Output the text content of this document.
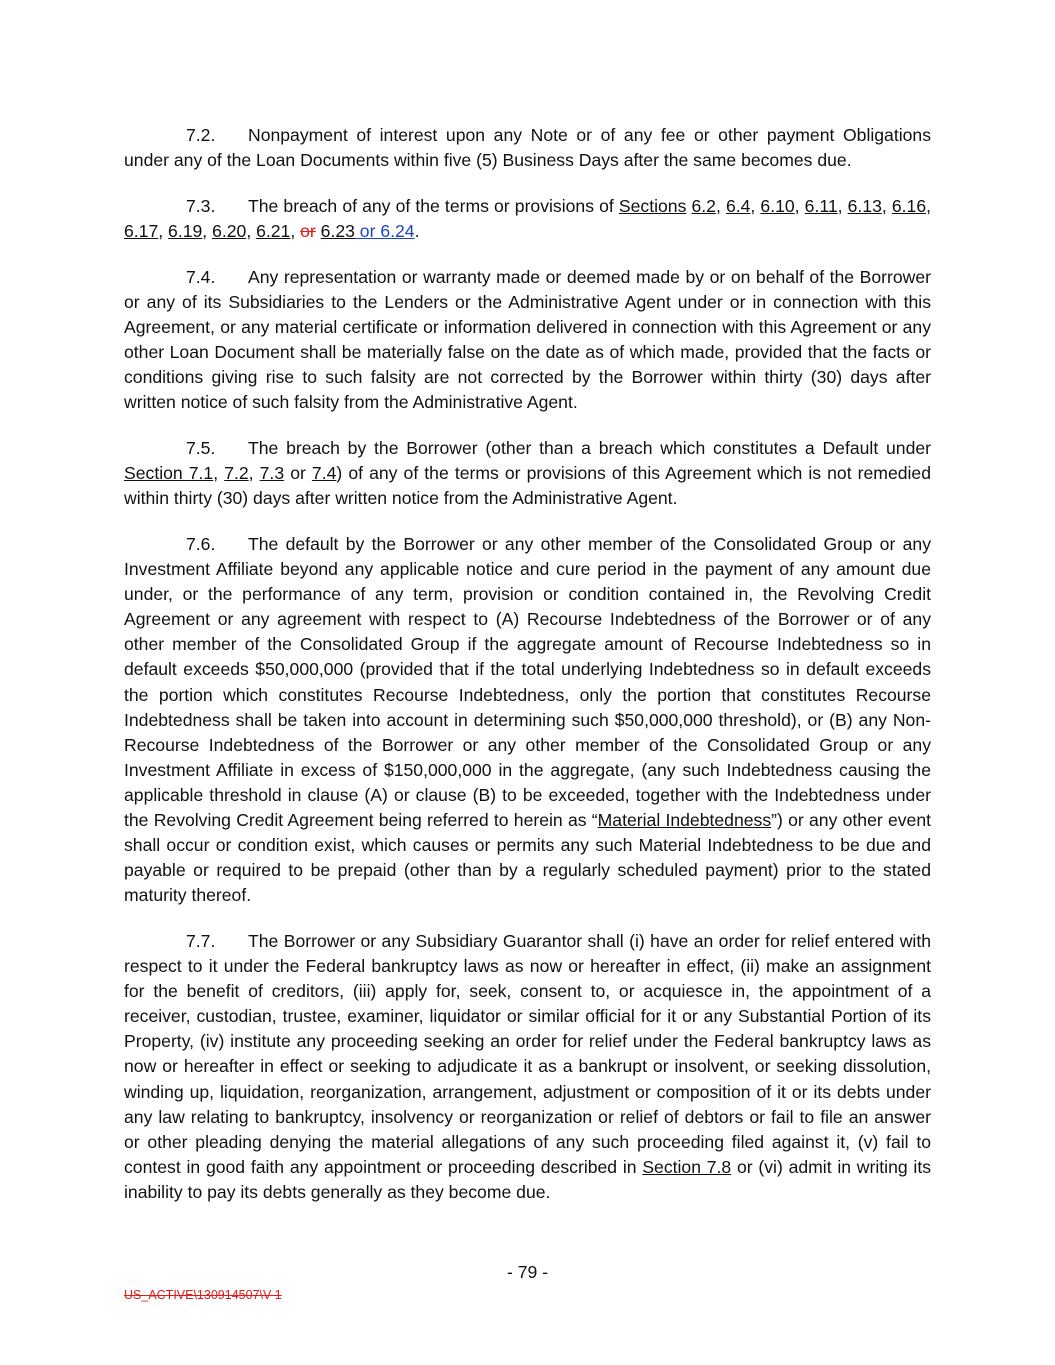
7.2. Nonpayment of interest upon any Note or of any fee or other payment Obligations under any of the Loan Documents within five (5) Business Days after the same becomes due.
7.3. The breach of any of the terms or provisions of Sections 6.2, 6.4, 6.10, 6.11, 6.13, 6.16, 6.17, 6.19, 6.20, 6.21, or 6.23 or 6.24.
7.4. Any representation or warranty made or deemed made by or on behalf of the Borrower or any of its Subsidiaries to the Lenders or the Administrative Agent under or in connection with this Agreement, or any material certificate or information delivered in connection with this Agreement or any other Loan Document shall be materially false on the date as of which made, provided that the facts or conditions giving rise to such falsity are not corrected by the Borrower within thirty (30) days after written notice of such falsity from the Administrative Agent.
7.5. The breach by the Borrower (other than a breach which constitutes a Default under Section 7.1, 7.2, 7.3 or 7.4) of any of the terms or provisions of this Agreement which is not remedied within thirty (30) days after written notice from the Administrative Agent.
7.6. The default by the Borrower or any other member of the Consolidated Group or any Investment Affiliate beyond any applicable notice and cure period in the payment of any amount due under, or the performance of any term, provision or condition contained in, the Revolving Credit Agreement or any agreement with respect to (A) Recourse Indebtedness of the Borrower or of any other member of the Consolidated Group if the aggregate amount of Recourse Indebtedness so in default exceeds $50,000,000 (provided that if the total underlying Indebtedness so in default exceeds the portion which constitutes Recourse Indebtedness, only the portion that constitutes Recourse Indebtedness shall be taken into account in determining such $50,000,000 threshold), or (B) any Non-Recourse Indebtedness of the Borrower or any other member of the Consolidated Group or any Investment Affiliate in excess of $150,000,000 in the aggregate, (any such Indebtedness causing the applicable threshold in clause (A) or clause (B) to be exceeded, together with the Indebtedness under the Revolving Credit Agreement being referred to herein as “Material Indebtedness”) or any other event shall occur or condition exist, which causes or permits any such Material Indebtedness to be due and payable or required to be prepaid (other than by a regularly scheduled payment) prior to the stated maturity thereof.
7.7. The Borrower or any Subsidiary Guarantor shall (i) have an order for relief entered with respect to it under the Federal bankruptcy laws as now or hereafter in effect, (ii) make an assignment for the benefit of creditors, (iii) apply for, seek, consent to, or acquiesce in, the appointment of a receiver, custodian, trustee, examiner, liquidator or similar official for it or any Substantial Portion of its Property, (iv) institute any proceeding seeking an order for relief under the Federal bankruptcy laws as now or hereafter in effect or seeking to adjudicate it as a bankrupt or insolvent, or seeking dissolution, winding up, liquidation, reorganization, arrangement, adjustment or composition of it or its debts under any law relating to bankruptcy, insolvency or reorganization or relief of debtors or fail to file an answer or other pleading denying the material allegations of any such proceeding filed against it, (v) fail to contest in good faith any appointment or proceeding described in Section 7.8 or (vi) admit in writing its inability to pay its debts generally as they become due.
- 79 -
US_ACTIVE\130914507\V-1
